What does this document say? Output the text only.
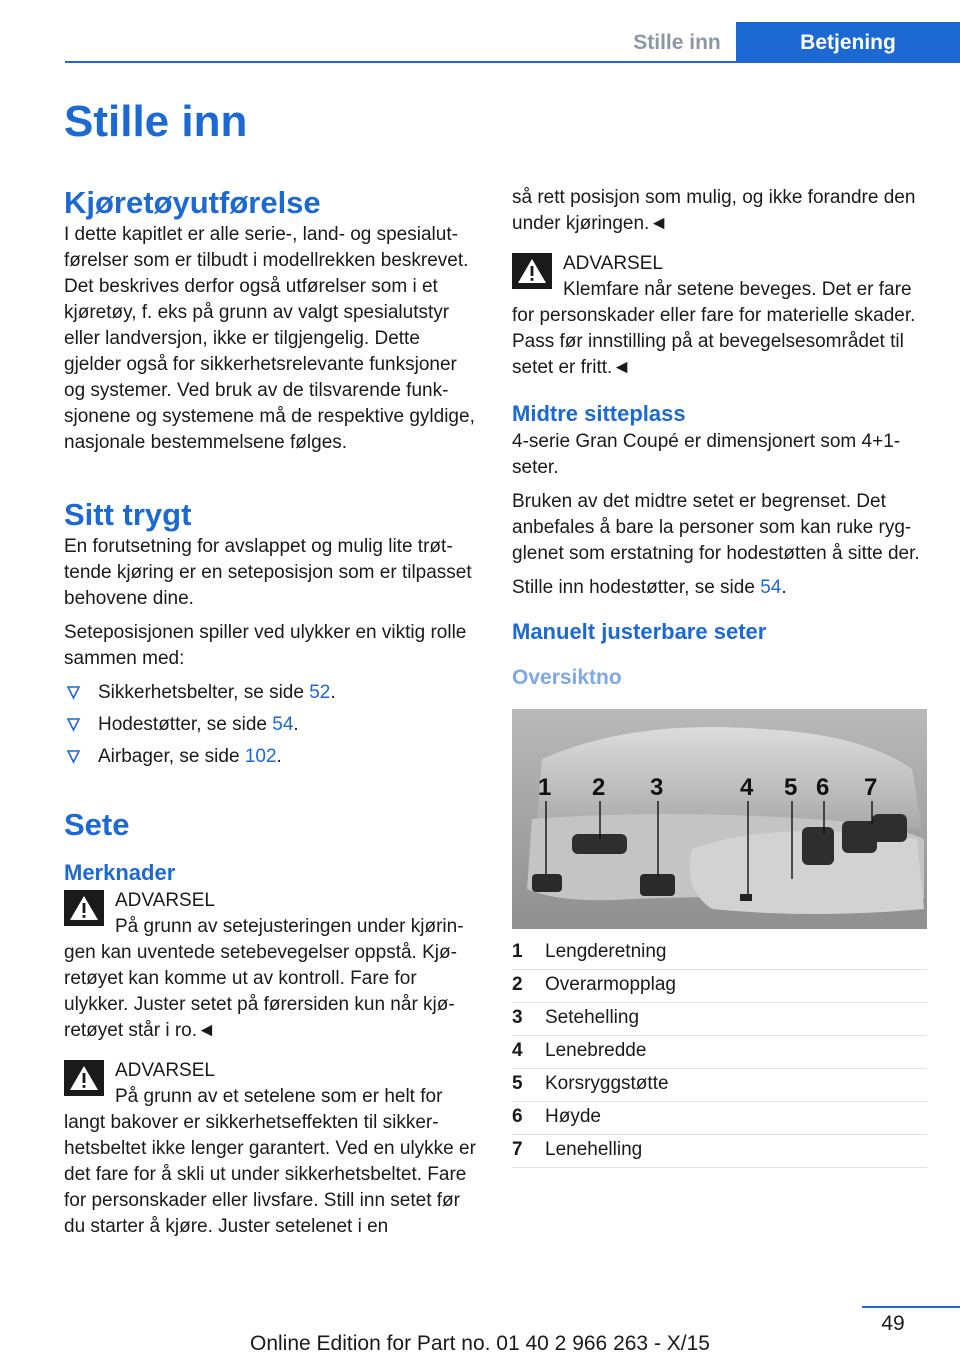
Stille inn	Betjening
Stille inn
Kjøretøyutførelse

I dette kapitlet er alle serie-, land- og spesialutførelser som er tilbudt i modellrekken beskrevet. Det beskrives derfor også utførelser som i et kjøretøy, f. eks på grunn av valgt spesialutstyr eller landversjon, ikke er tilgjengelig. Dette gjelder også for sikkerhetsrelevante funksjoner og systemer. Ved bruk av de tilsvarende funksjonene og systemene må de respektive gyldige, nasjonale bestemmelsene følges.

Sitt trygt

En forutsetning for avslappet og mulig lite trøttende kjøring er en seteposisjon som er tilpasset behovene dine.

Seteposisjonen spiller ved ulykker en viktig rolle sammen med:

Sikkerhetsbelter, se side 52.
Hodestøtter, se side 54.
Airbager, se side 102.
Sete
Merknader
ADVARSEL
På grunn av setejusteringen under kjøringen kan uventede setebevegelser oppstå. Kjøretøyet kan komme ut av kontroll. Fare for ulykker. Juster setet på førersiden kun når kjøretøyet står i ro.◄
ADVARSEL
På grunn av et setelene som er helt for langt bakover er sikkerhetseffekten til sikkerhetsbeltet ikke lenger garantert. Ved en ulykke er det fare for å skli ut under sikkerhetsbeltet. Fare for personskader eller livsfare. Still inn setet før du starter å kjøre. Juster setelenet i en

så rett posisjon som mulig, og ikke forandre den under kjøringen.◄

ADVARSEL
Klemfare når setene beveges. Det er fare for personskader eller fare for materielle skader. Pass før innstilling på at bevegelsesområdet til setet er fritt.◄
Midtre sitteplass

4-serie Gran Coupé er dimensjonert som 4+1-seter.

Bruken av det midtre setet er begrenset. Det anbefales å bare la personer som kan ruke rygglenet som erstatning for hodestøtten å sitte der.

Stille inn hodestøtter, se side 54.

Manuelt justerbare seter
Oversiktno
1 2 3	4 5 6 7
1 Lengderetning
2 Overarmopplag
3 Setehelling
4 Lenebredde
5 Korsryggstøtte
6 Høyde
7 Lenehelling
49
Online Edition for Part no. 01 40 2 966 263 - X/15
